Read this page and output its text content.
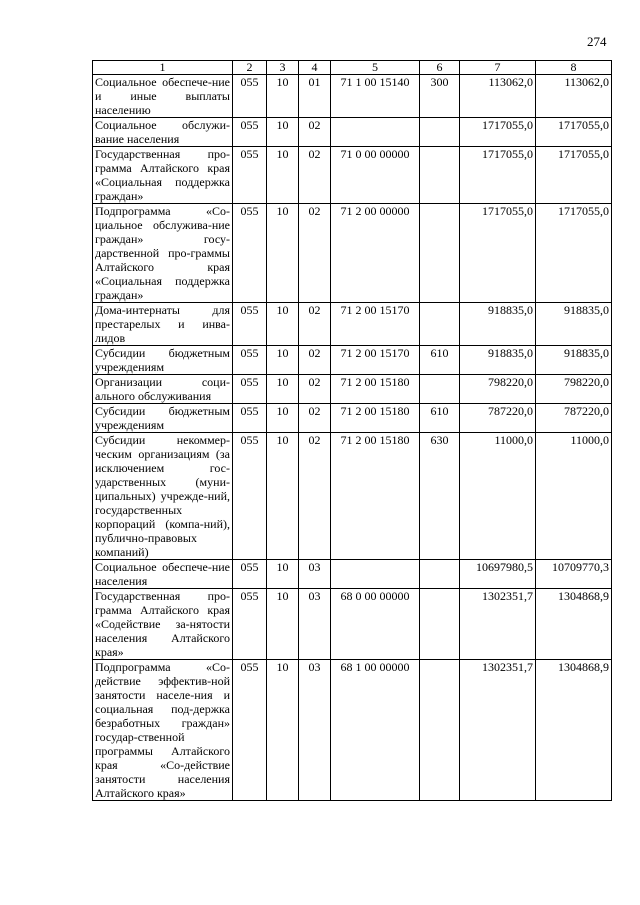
274
1	2	3	4	5	6	7	8
Социальное обеспече-ние и иные выплаты населению	055	10	01	71 1 00 15140	300	113062,0	113062,0
Социальное обслужи-вание населения	055	10	02			1717055,0	1717055,0
Государственная про-грамма Алтайского края «Социальная поддержка граждан»	055	10	02	71 0 00 00000		1717055,0	1717055,0
Подпрограмма «Со-циальное обслужива-ние граждан» госу-дарственной про-граммы Алтайского края «Социальная поддержка граждан»	055	10	02	71 2 00 00000		1717055,0	1717055,0
Дома-интернаты для престарелых и инва-лидов	055	10	02	71 2 00 15170		918835,0	918835,0
Субсидии бюджетным учреждениям	055	10	02	71 2 00 15170	610	918835,0	918835,0
Организации соци-ального обслуживания	055	10	02	71 2 00 15180		798220,0	798220,0
Субсидии бюджетным учреждениям	055	10	02	71 2 00 15180	610	787220,0	787220,0
Субсидии некоммер-ческим организациям (за исключением гос-ударственных (муни-ципальных) учрежде-ний, государственных корпораций (компа-ний), публично-правовых компаний)	055	10	02	71 2 00 15180	630	11000,0	11000,0
Социальное обеспече-ние населения	055	10	03			10697980,5	10709770,3
Государственная про-грамма Алтайского края «Содействие за-нятости населения Алтайского края»	055	10	03	68 0 00 00000		1302351,7	1304868,9
Подпрограмма «Со-действие эффектив-ной занятости населе-ния и социальная под-держка безработных граждан» государ-ственной программы Алтайского края «Со-действие занятости населения Алтайского края»	055	10	03	68 1 00 00000		1302351,7	1304868,9
